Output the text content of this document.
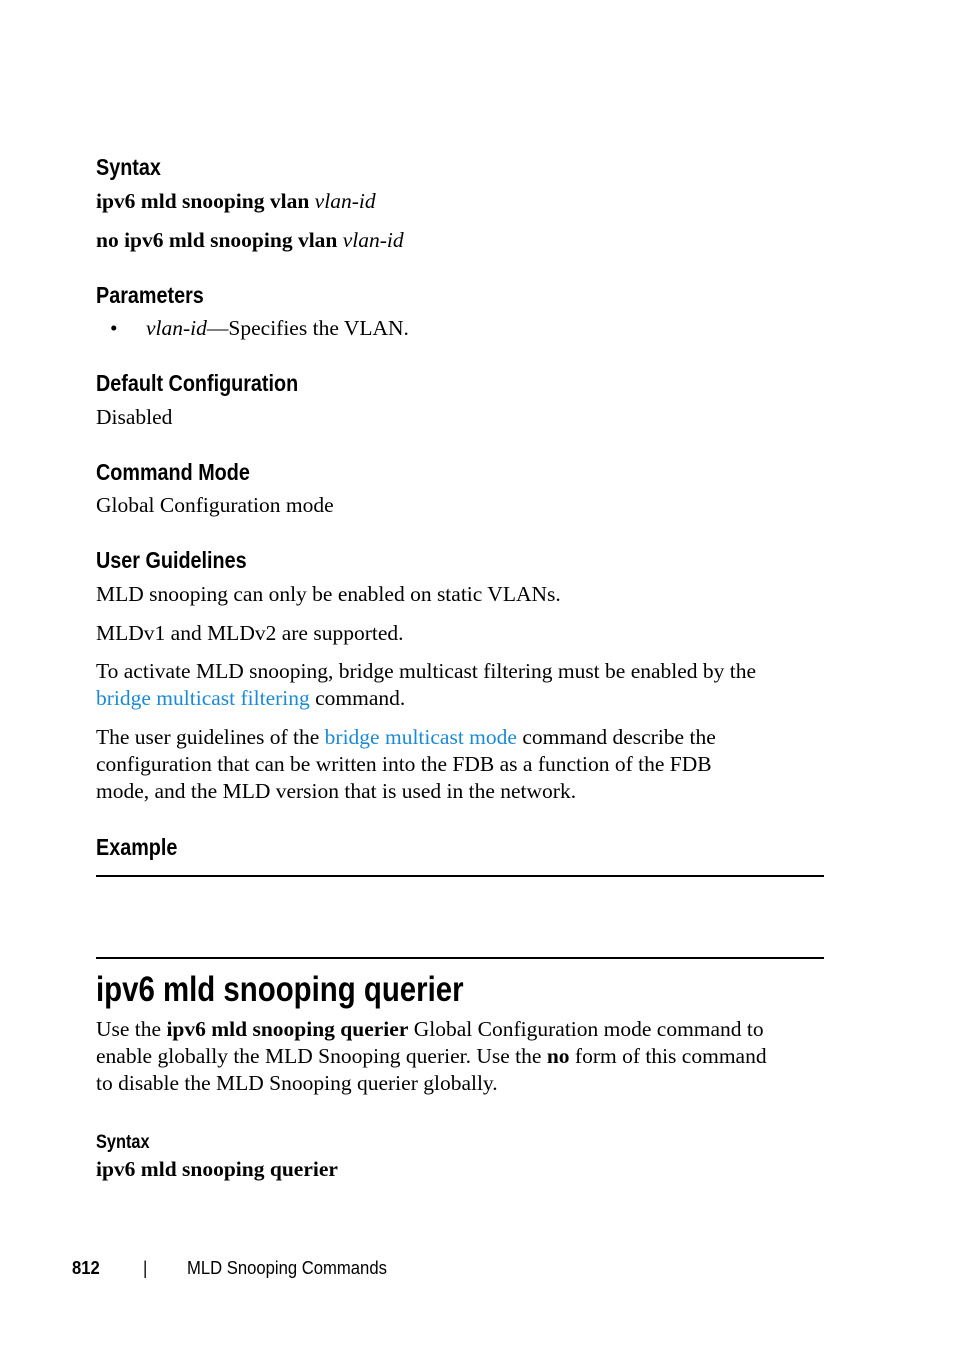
Syntax
ipv6 mld snooping vlan vlan-id
no ipv6 mld snooping vlan vlan-id
Parameters
• vlan-id—Specifies the VLAN.
Default Configuration
Disabled
Command Mode
Global Configuration mode
User Guidelines
MLD snooping can only be enabled on static VLANs.
MLDv1 and MLDv2 are supported.
To activate MLD snooping, bridge multicast filtering must be enabled by the
bridge multicast filtering command.
The user guidelines of the bridge multicast mode command describe the
configuration that can be written into the FDB as a function of the FDB
mode, and the MLD version that is used in the network.
Example
ipv6 mld snooping querier
Use the ipv6 mld snooping querier Global Configuration mode command to
enable globally the MLD Snooping querier. Use the no form of this command
to disable the MLD Snooping querier globally.
Syntax
ipv6 mld snooping querier
812 | MLD Snooping Commands
